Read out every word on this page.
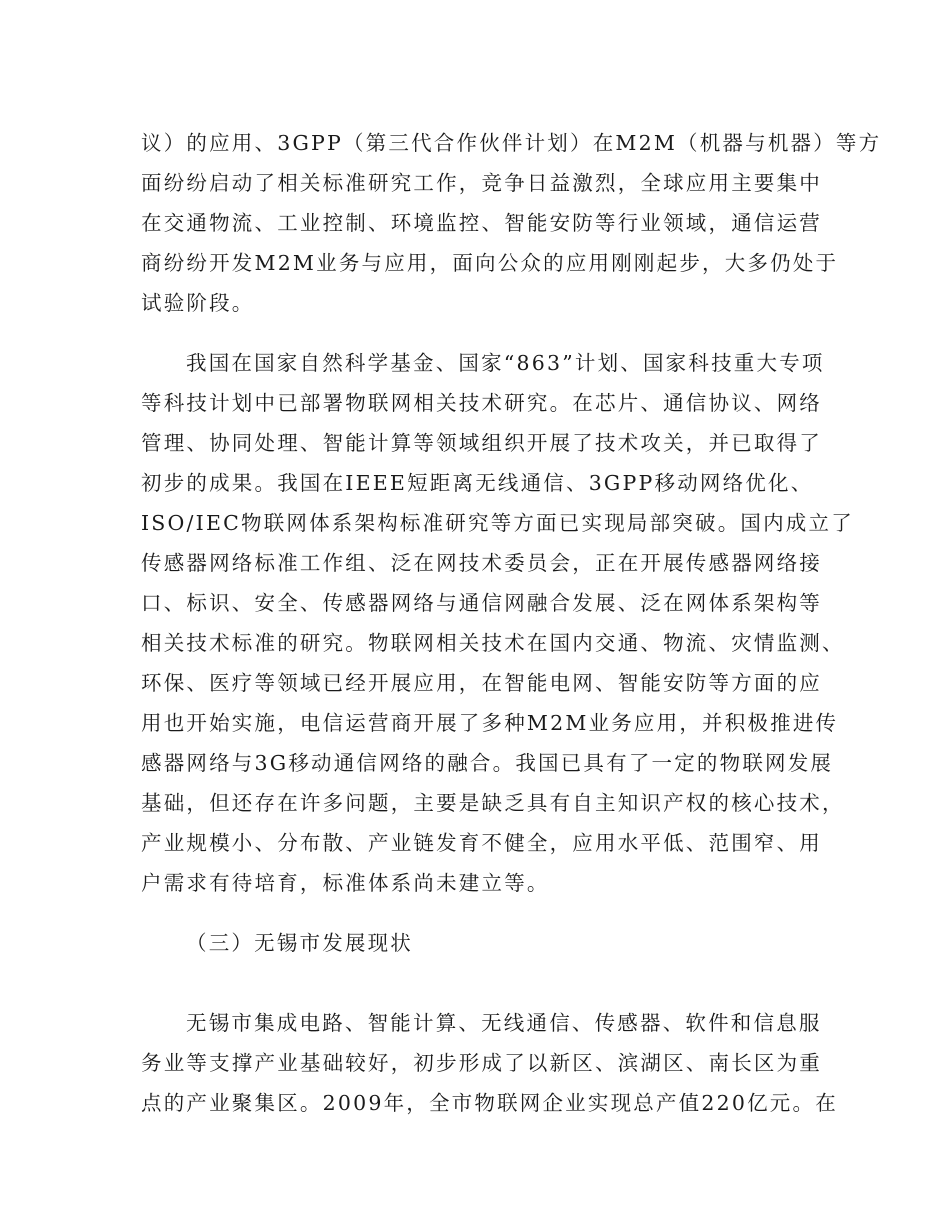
议）的应用、3GPP（第三代合作伙伴计划）在M2M（机器与机器）等方
面纷纷启动了相关标准研究工作，竞争日益激烈，全球应用主要集中
在交通物流、工业控制、环境监控、智能安防等行业领域，通信运营
商纷纷开发M2M业务与应用，面向公众的应用刚刚起步，大多仍处于
试验阶段。
我国在国家自然科学基金、国家“863”计划、国家科技重大专项
等科技计划中已部署物联网相关技术研究。在芯片、通信协议、网络
管理、协同处理、智能计算等领域组织开展了技术攻关，并已取得了
初步的成果。我国在IEEE短距离无线通信、3GPP移动网络优化、
ISO/IEC物联网体系架构标准研究等方面已实现局部突破。国内成立了
传感器网络标准工作组、泛在网技术委员会，正在开展传感器网络接
口、标识、安全、传感器网络与通信网融合发展、泛在网体系架构等
相关技术标准的研究。物联网相关技术在国内交通、物流、灾情监测、
环保、医疗等领域已经开展应用，在智能电网、智能安防等方面的应
用也开始实施，电信运营商开展了多种M2M业务应用，并积极推进传
感器网络与3G移动通信网络的融合。我国已具有了一定的物联网发展
基础，但还存在许多问题，主要是缺乏具有自主知识产权的核心技术，
产业规模小、分布散、产业链发育不健全，应用水平低、范围窄、用
户需求有待培育，标准体系尚未建立等。
（三）无锡市发展现状
无锡市集成电路、智能计算、无线通信、传感器、软件和信息服
务业等支撑产业基础较好，初步形成了以新区、滨湖区、南长区为重
点的产业聚集区。2009年，全市物联网企业实现总产值220亿元。在
